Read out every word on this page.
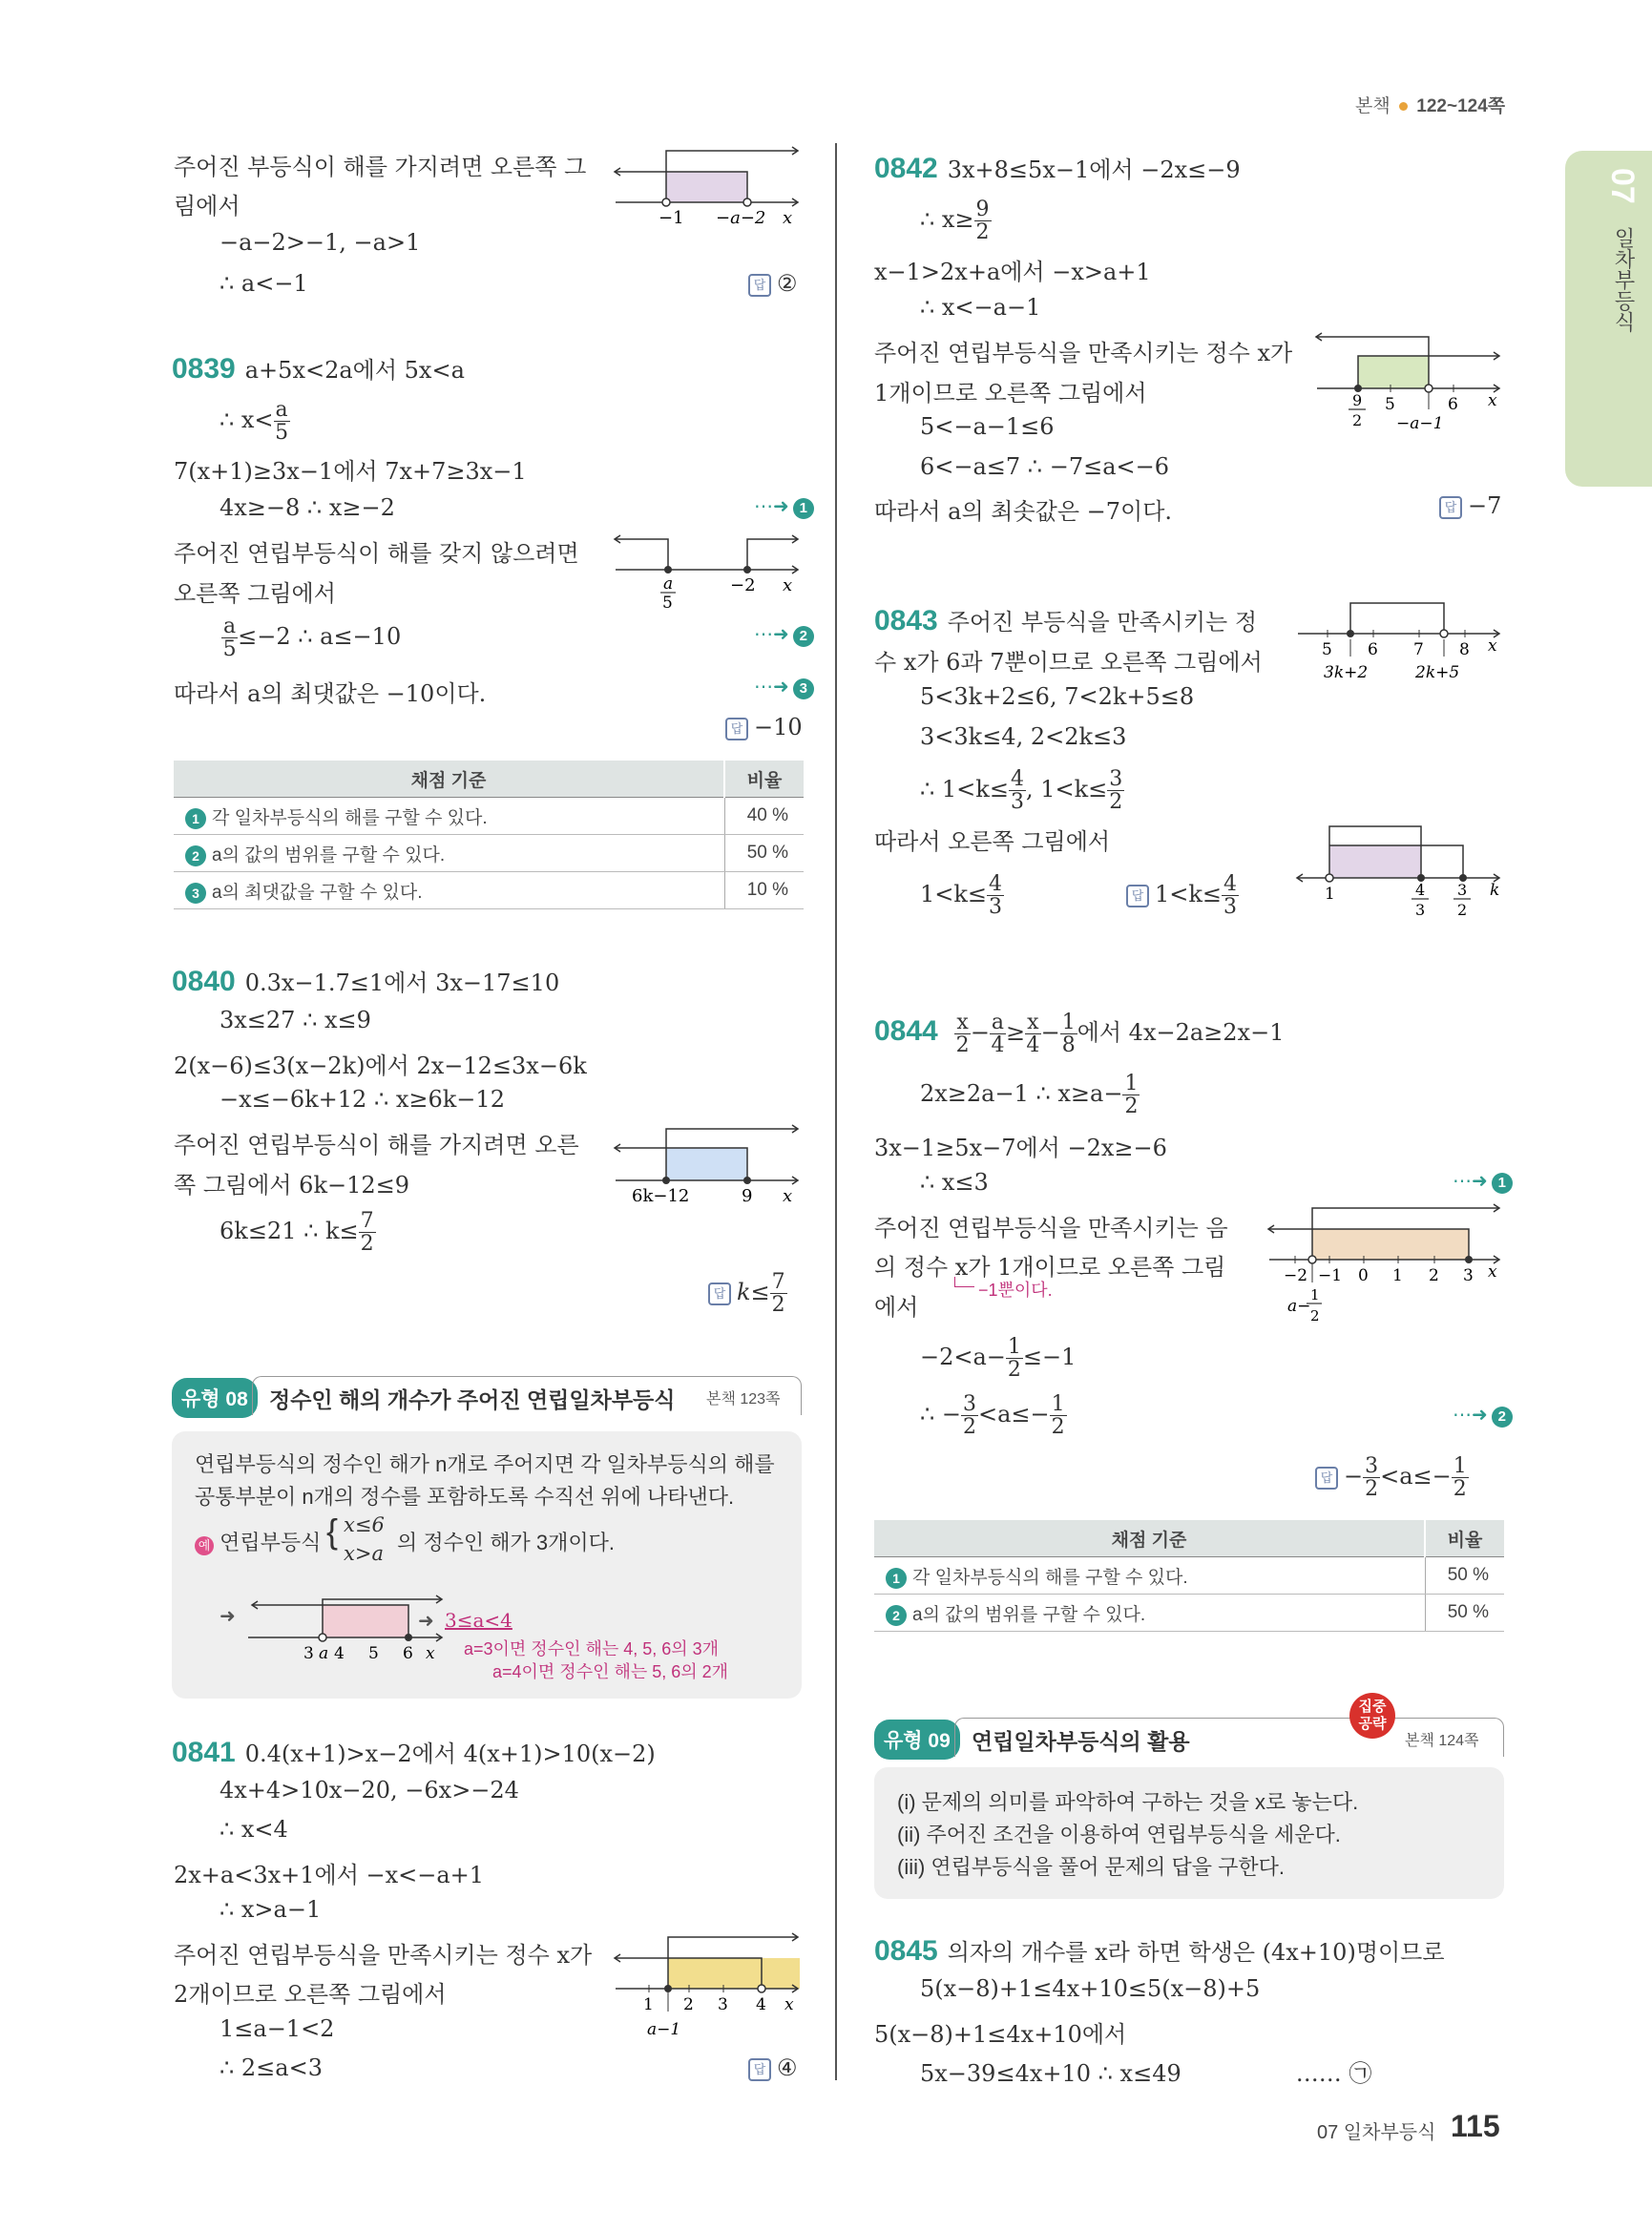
본책 122~124쪽
07
일차부등식
주어진 부등식이 해를 가지려면 오른쪽 그
림에서
−a−2>−1, −a>1
∴ a<−1	답 ②
−1 −a−2 x
0839 a+5x<2a에서 5x<a
∴ $x< \frac{a}{5}$
7(x+1)≥3x−1에서 7x+7≥3x−1
4x≥−8 ∴ x≥−2	⋯➜ 1
주어진 연립부등식이 해를 갖지 않으려면
오른쪽 그림에서
$\frac{a}{5} \le-2$ ∴ a≤−10	⋯➜ 2
따라서 a의 최댓값은 −10이다.	⋯➜ 3
답 −10
a
5
−2 x
채점 기준	비율
1 각 일차부등식의 해를 구할 수 있다.	40 %
2 a의 값의 범위를 구할 수 있다.	50 %
3 a의 최댓값을 구할 수 있다.	10 %
0840 0.3x−1.7≤1에서 3x−17≤10
3x≤27 ∴ x≤9
2(x−6)≤3(x−2k)에서 2x−12≤3x−6k
−x≤−6k+12 ∴ x≥6k−12
주어진 연립부등식이 해를 가지려면 오른
쪽 그림에서 6k−12≤9
6k≤21 ∴ $k\le \frac{7}{2}$
답 $k\le \frac{7}{2}$
6k−12	9 x
유형 08 정수인 해의 개수가 주어진 연립일차부등식 본책 123쪽
연립부등식의 정수인 해가 n개로 주어지면 각 일차부등식의 해를
공통부분이 n개의 정수를 포함하도록 수직선 위에 나타낸다.
예 연립부등식 { x≤6
x>a 의 정수인 해가 3개이다.
➜
3 a 4 5 6 x
➜ 3≤a<4
a=3이면 정수인 해는 4, 5, 6의 3개
a=4이면 정수인 해는 5, 6의 2개
0841 0.4(x+1)>x−2에서 4(x+1)>10(x−2)
4x+4>10x−20, −6x>−24
∴ x<4
2x+a<3x+1에서 −x<−a+1
∴ x>a−1
주어진 연립부등식을 만족시키는 정수 x가
2개이므로 오른쪽 그림에서
1≤a−1<2
∴ 2≤a<3	답 ④
1 2 3 4 x
a−1
0842 3x+8≤5x−1에서 −2x≤−9
∴ $x\ge \frac{9}{2}$
x−1>2x+a에서 −x>a+1
∴ x<−a−1
주어진 연립부등식을 만족시키는 정수 x가
1개이므로 오른쪽 그림에서
5<−a−1≤6
6<−a≤7 ∴ −7≤a<−6
따라서 a의 최솟값은 −7이다.	답 −7
9
2
5	6
−a−1
x
0843 주어진 부등식을 만족시키는 정
수 x가 6과 7뿐이므로 오른쪽 그림에서
5<3k+2≤6, 7<2k+5≤8
3<3k≤4, 2<2k≤3
∴ $1<k\le \frac{4}{3}$ , $1<k\le \frac{3}{2}$
따라서 오른쪽 그림에서
$1<k\le \frac{4}{3}$	답 $1<k\le \frac{4}{3}$
5 6 7 8 x
3k+2	2k+5
1	4
3
3
2
k
$0844 \frac{x}{2} - \frac{a}{4} \ge \frac{x}{4} - \frac{1}{8}$ 에서 4x−2a≥2x−1
2x≥2a−1 ∴ $x\ge a- \frac{1}{2}$
3x−1≥5x−7에서 −2x≥−6
∴ x≤3	⋯➜ 1
주어진 연립부등식을 만족시키는 음
의 정수 x가 1개이므로 오른쪽 그림
에서
−1뿐이다.
$-2<a- \frac{1}{2} \le-1$
∴ − $\frac{3}{2} <a\le- \frac{1}{2}$	⋯➜ 2
답 − $\frac{3}{2} <a\le- \frac{1}{2}$
−2 −1 0 1 2 3 x
a−
1
2
채점 기준	비율
1 각 일차부등식의 해를 구할 수 있다.	50 %
2 a의 값의 범위를 구할 수 있다.	50 %
유형 09 연립일차부등식의 활용
집중
공략
본책 124쪽
(i) 문제의 의미를 파악하여 구하는 것을 x로 놓는다.
(ii) 주어진 조건을 이용하여 연립부등식을 세운다.
(iii) 연립부등식을 풀어 문제의 답을 구한다.
0845 의자의 개수를 x라 하면 학생은 (4x+10)명이므로
5(x−8)+1≤4x+10≤5(x−8)+5
5(x−8)+1≤4x+10에서
5x−39≤4x+10 ∴ x≤49	…… ㉠
07 일차부등식 115
